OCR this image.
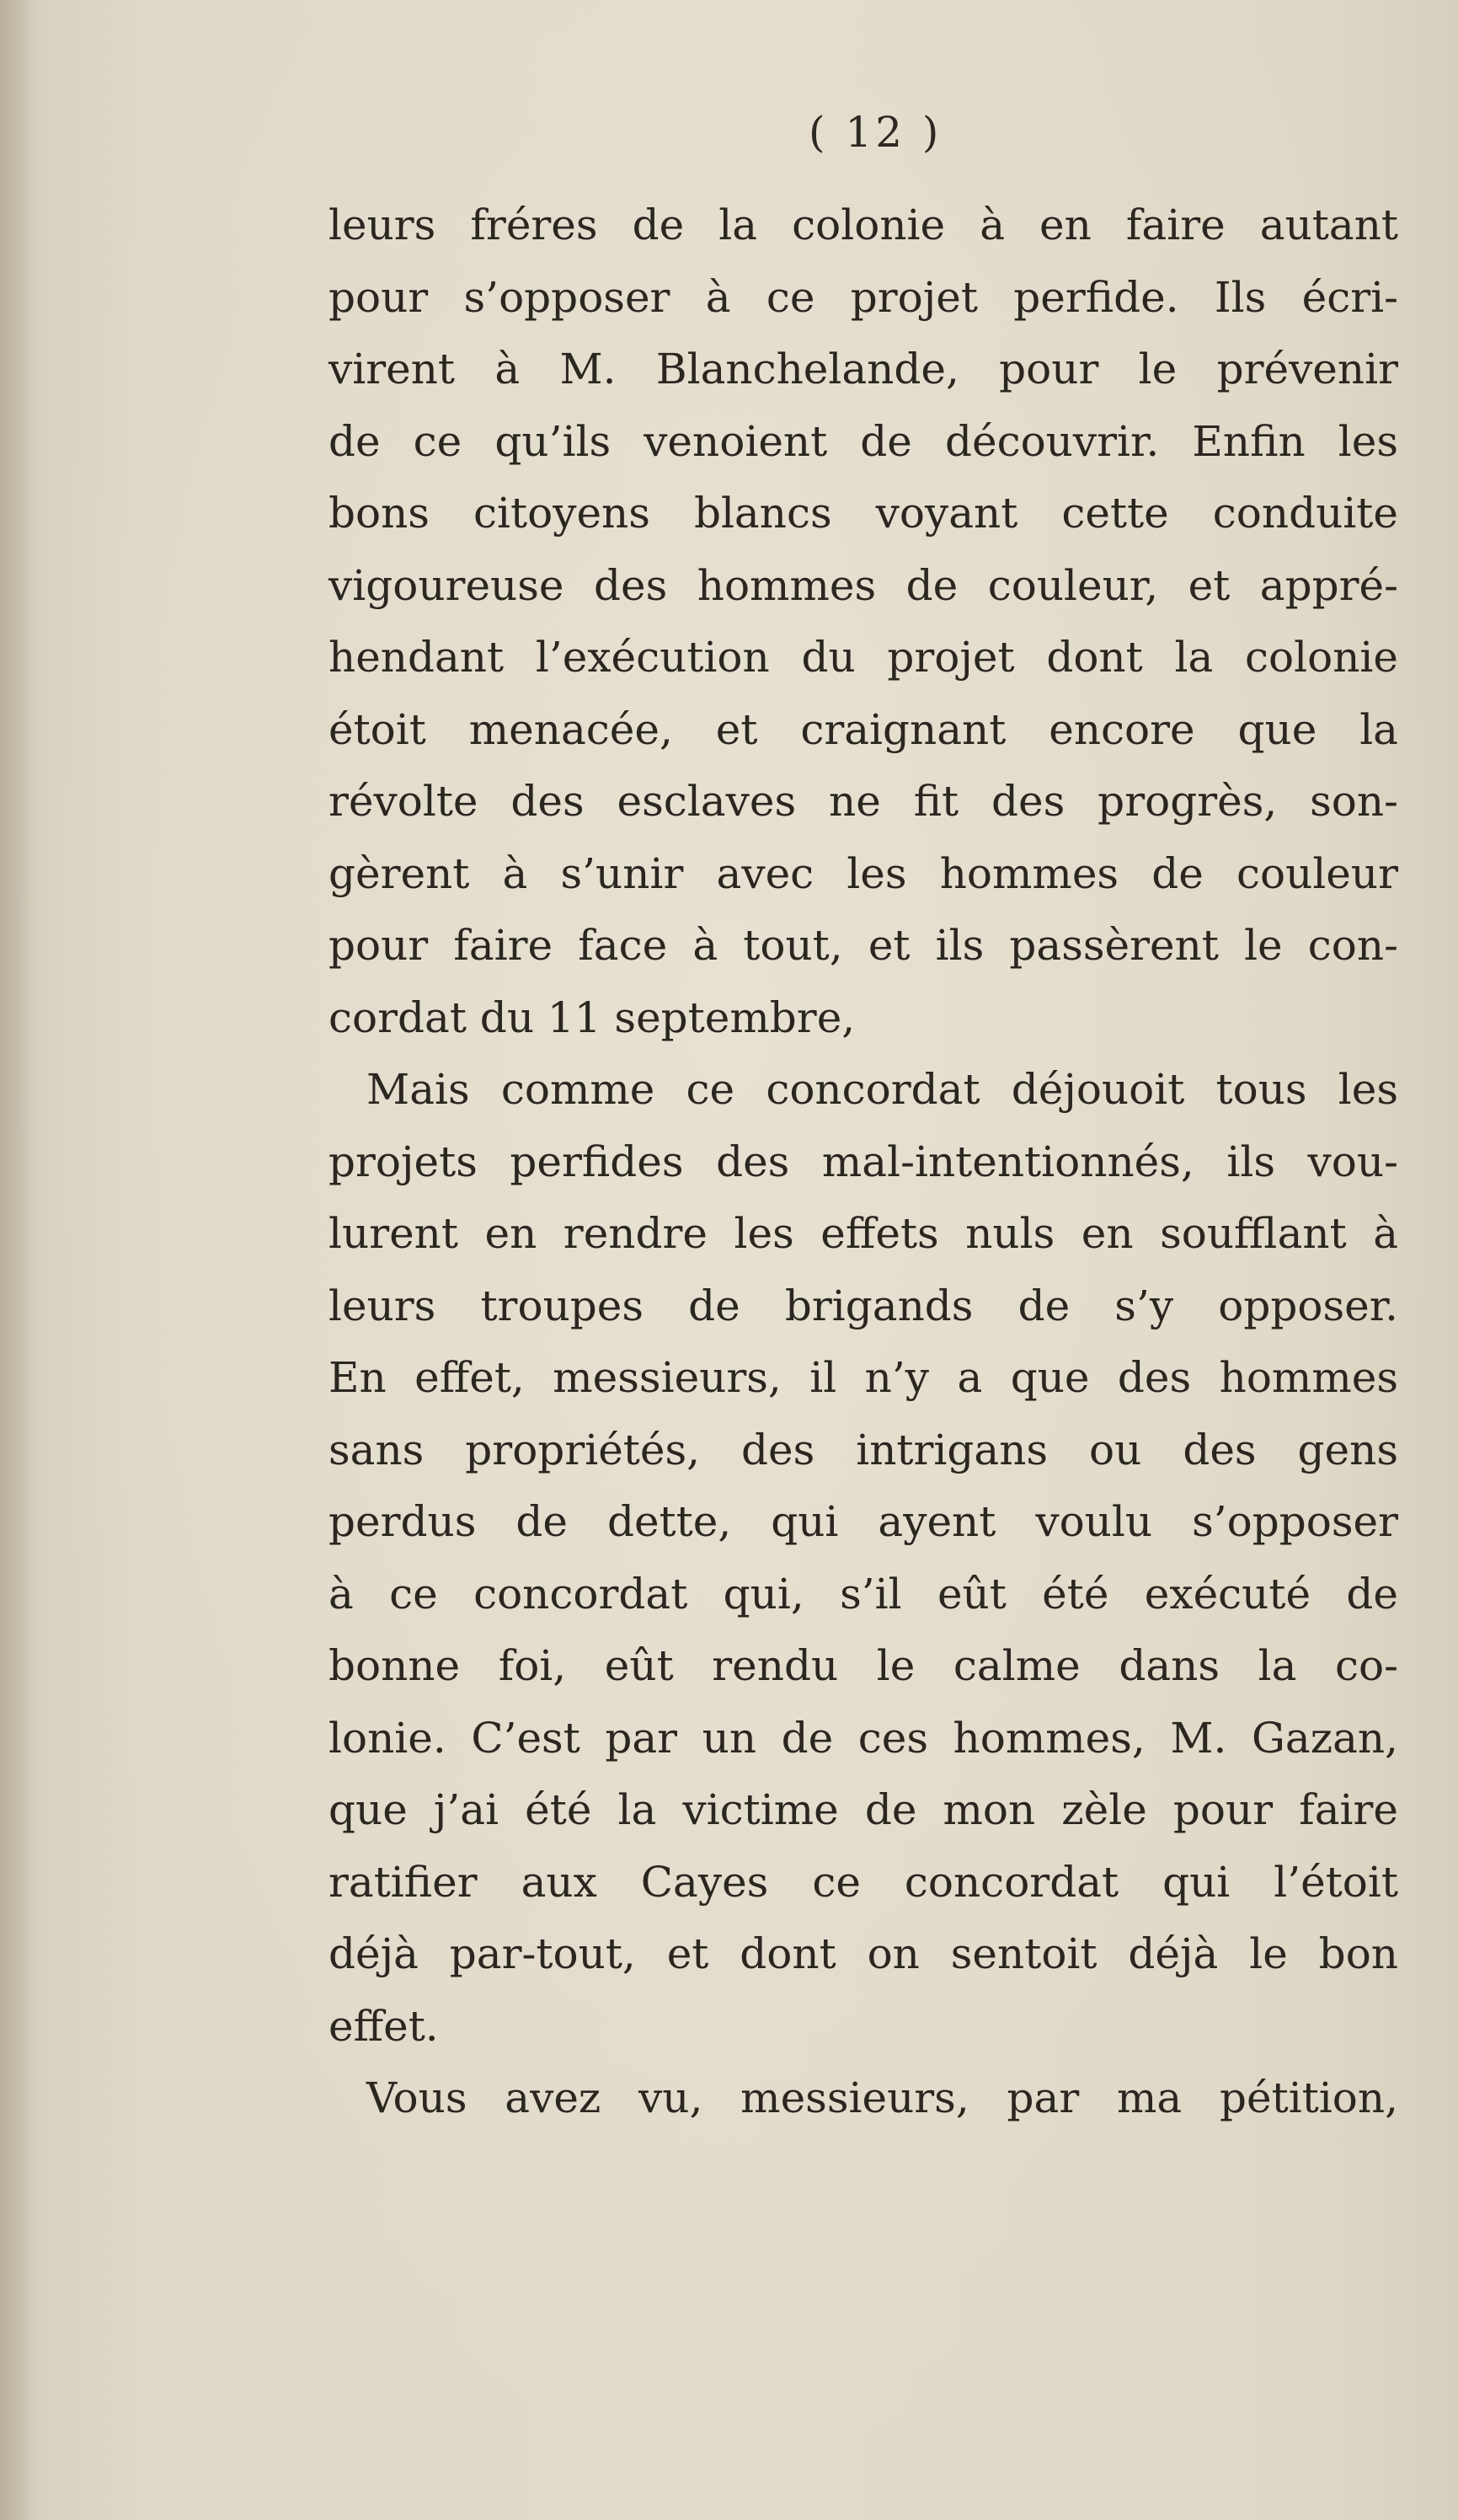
( 12 )
leurs fréres de la colonie à en faire autant
pour s’opposer à ce projet perfide. Ils écri-
virent à M. Blanchelande, pour le prévenir
de ce qu’ils venoient de découvrir. Enfin les
bons citoyens blancs voyant cette conduite
vigoureuse des hommes de couleur, et appré-
hendant l’exécution du projet dont la colonie
étoit menacée, et craignant encore que la
révolte des esclaves ne fit des progrès, son-
gèrent à s’unir avec les hommes de couleur
pour faire face à tout, et ils passèrent le con-
cordat du 11 septembre,
Mais comme ce concordat déjouoit tous les
projets perfides des mal-intentionnés, ils vou-
lurent en rendre les effets nuls en soufflant à
leurs troupes de brigands de s’y opposer.
En effet, messieurs, il n’y a que des hommes
sans propriétés, des intrigans ou des gens
perdus de dette, qui ayent voulu s’opposer
à ce concordat qui, s’il eût été exécuté de
bonne foi, eût rendu le calme dans la co-
lonie. C’est par un de ces hommes, M. Gazan,
que j’ai été la victime de mon zèle pour faire
ratifier aux Cayes ce concordat qui l’étoit
déjà par-tout, et dont on sentoit déjà le bon
effet.
Vous avez vu, messieurs, par ma pétition,
